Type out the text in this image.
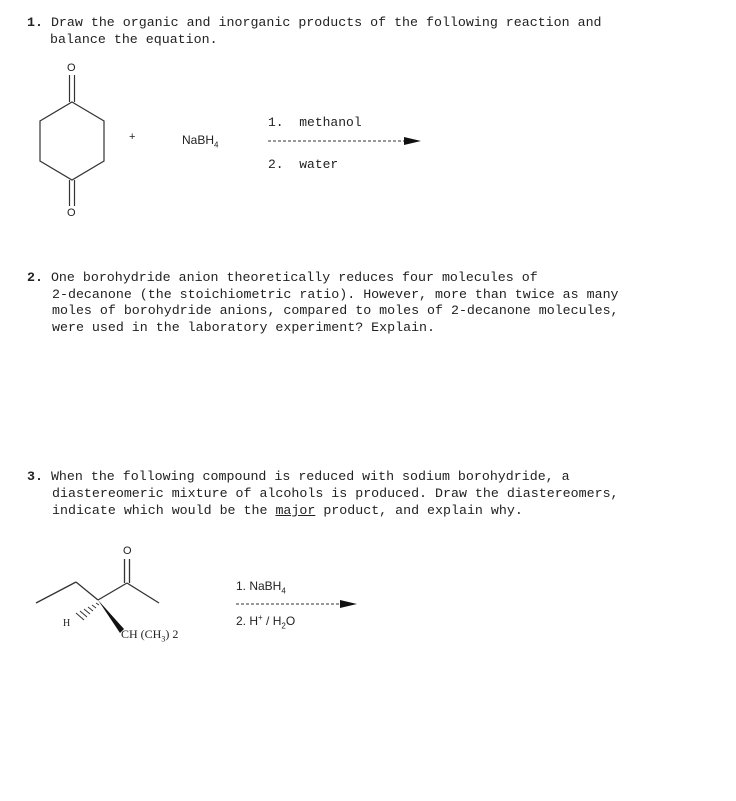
1. Draw the organic and inorganic products of the following reaction and
balance the equation.
O
O
+	NaBH$_4$
1. methanol
2. water
2. One borohydride anion theoretically reduces four molecules of
2-decanone (the stoichiometric ratio). However, more than twice as many
moles of borohydride anions, compared to moles of 2-decanone molecules,
were used in the laboratory experiment? Explain.
3. When the following compound is reduced with sodium borohydride, a
diastereomeric mixture of alcohols is produced. Draw the diastereomers,
indicate which would be the major product, and explain why.
O
H
CH $(CH_3)$ 2
1. NaBH$_4$
2. $H^+ / H_2O$
